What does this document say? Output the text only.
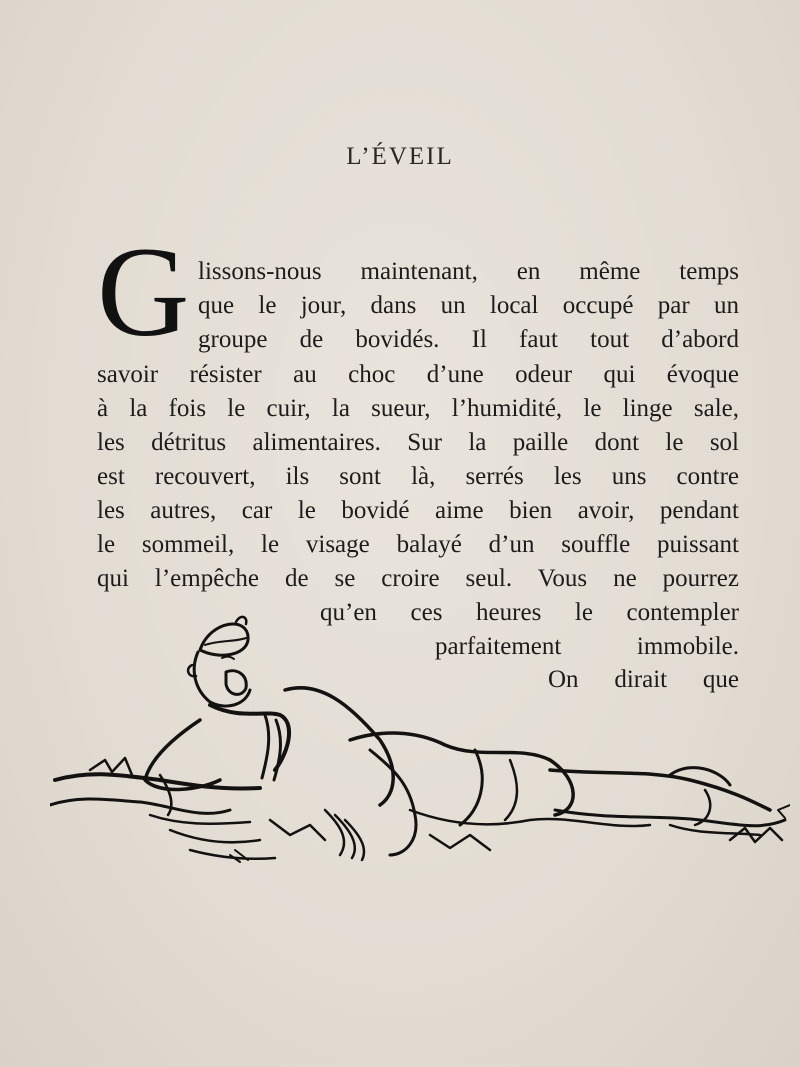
L’ÉVEIL
G lissons-nous maintenant, en même temps
que le jour, dans un local occupé par un
groupe de bovidés. Il faut tout d’abord
savoir résister au choc d’une odeur qui évoque
à la fois le cuir, la sueur, l’humidité, le linge sale,
les détritus alimentaires. Sur la paille dont le sol
est recouvert, ils sont là, serrés les uns contre
les autres, car le bovidé aime bien avoir, pendant
le sommeil, le visage balayé d’un souffle puissant
qui l’empêche de se croire seul. Vous ne pourrez
qu’en ces heures le contempler
parfaitement immobile.
On dirait que
